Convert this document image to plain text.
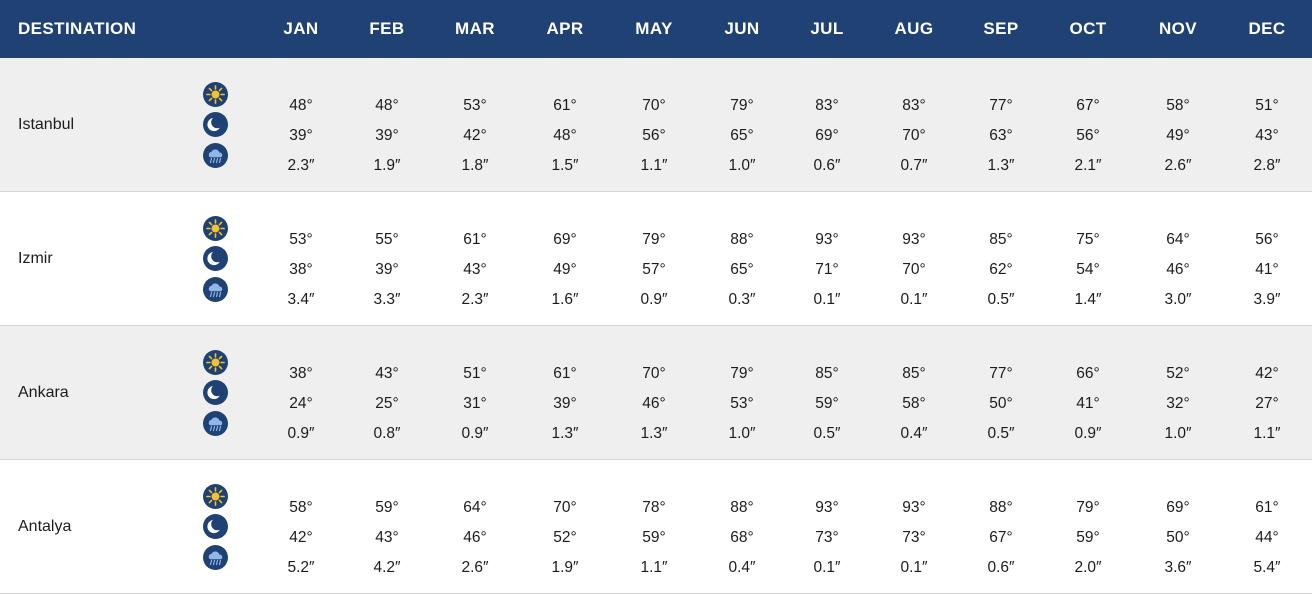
DESTINATION	JAN	FEB	MAR	APR	MAY	JUN	JUL	AUG	SEP	OCT	NOV	DEC
Istanbul
48°	48°	53°	61°	70°	79°	83°	83°	77°	67°	58°	51°
39°	39°	42°	48°	56°	65°	69°	70°	63°	56°	49°	43°
2.3″	1.9″	1.8″	1.5″	1.1″	1.0″	0.6″	0.7″	1.3″	2.1″	2.6″	2.8″
Izmir
53°	55°	61°	69°	79°	88°	93°	93°	85°	75°	64°	56°
38°	39°	43°	49°	57°	65°	71°	70°	62°	54°	46°	41°
3.4″	3.3″	2.3″	1.6″	0.9″	0.3″	0.1″	0.1″	0.5″	1.4″	3.0″	3.9″
Ankara
38°	43°	51°	61°	70°	79°	85°	85°	77°	66°	52°	42°
24°	25°	31°	39°	46°	53°	59°	58°	50°	41°	32°	27°
0.9″	0.8″	0.9″	1.3″	1.3″	1.0″	0.5″	0.4″	0.5″	0.9″	1.0″	1.1″
Antalya
58°	59°	64°	70°	78°	88°	93°	93°	88°	79°	69°	61°
42°	43°	46°	52°	59°	68°	73°	73°	67°	59°	50°	44°
5.2″	4.2″	2.6″	1.9″	1.1″	0.4″	0.1″	0.1″	0.6″	2.0″	3.6″	5.4″
